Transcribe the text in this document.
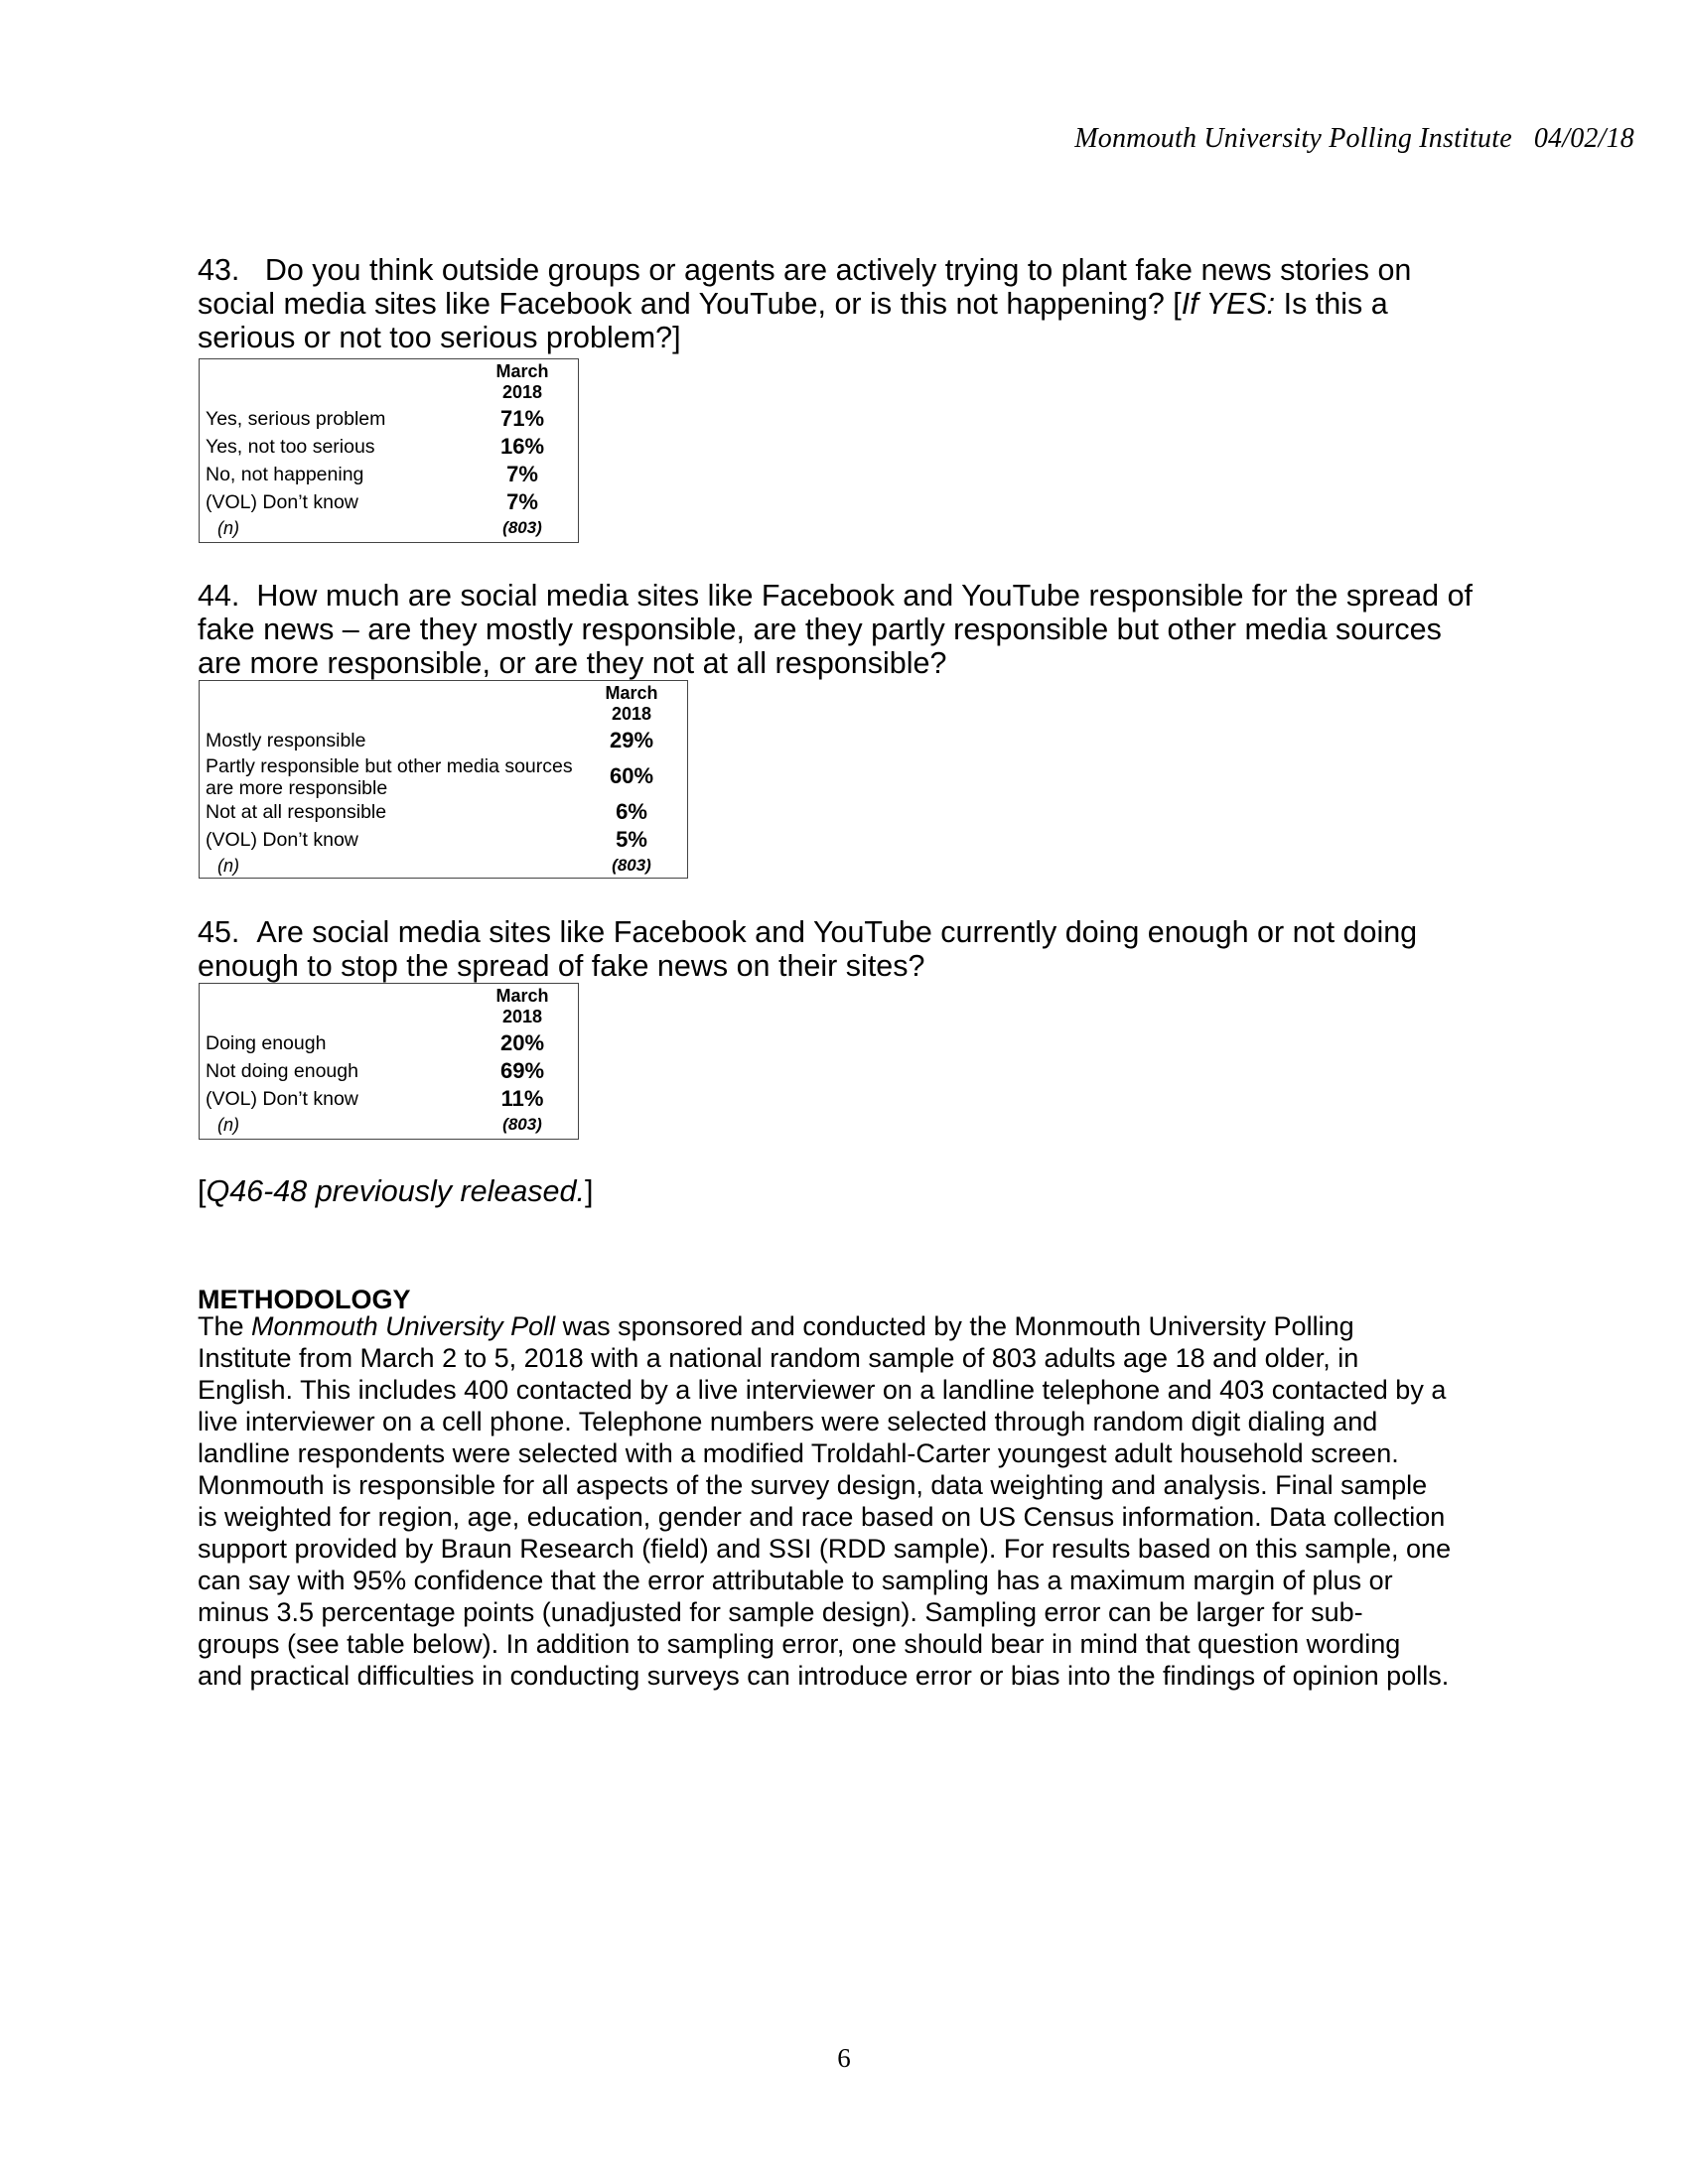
Monmouth University Polling Institute 04/02/18
43. Do you think outside groups or agents are actively trying to plant fake news stories on
social media sites like Facebook and YouTube, or is this not happening? [If YES: Is this a
serious or not too serious problem?]
March
2018
Yes, serious problem	71%
Yes, not too serious	16%
No, not happening	7%
(VOL) Don’t know	7%
(n)	(803)
44. How much are social media sites like Facebook and YouTube responsible for the spread of
fake news – are they mostly responsible, are they partly responsible but other media sources
are more responsible, or are they not at all responsible?
March
2018
Mostly responsible	29%
Partly responsible but other media sources
are more responsible	60%
Not at all responsible	6%
(VOL) Don’t know	5%
(n)	(803)
45. Are social media sites like Facebook and YouTube currently doing enough or not doing
enough to stop the spread of fake news on their sites?
March
2018
Doing enough	20%
Not doing enough	69%
(VOL) Don’t know	11%
(n)	(803)
[Q46-48 previously released.]
METHODOLOGY
The Monmouth University Poll was sponsored and conducted by the Monmouth University Polling
Institute from March 2 to 5, 2018 with a national random sample of 803 adults age 18 and older, in
English. This includes 400 contacted by a live interviewer on a landline telephone and 403 contacted by a
live interviewer on a cell phone. Telephone numbers were selected through random digit dialing and
landline respondents were selected with a modified Troldahl-Carter youngest adult household screen.
Monmouth is responsible for all aspects of the survey design, data weighting and analysis. Final sample
is weighted for region, age, education, gender and race based on US Census information. Data collection
support provided by Braun Research (field) and SSI (RDD sample). For results based on this sample, one
can say with 95% confidence that the error attributable to sampling has a maximum margin of plus or
minus 3.5 percentage points (unadjusted for sample design). Sampling error can be larger for sub-
groups (see table below). In addition to sampling error, one should bear in mind that question wording
and practical difficulties in conducting surveys can introduce error or bias into the findings of opinion polls.
6
